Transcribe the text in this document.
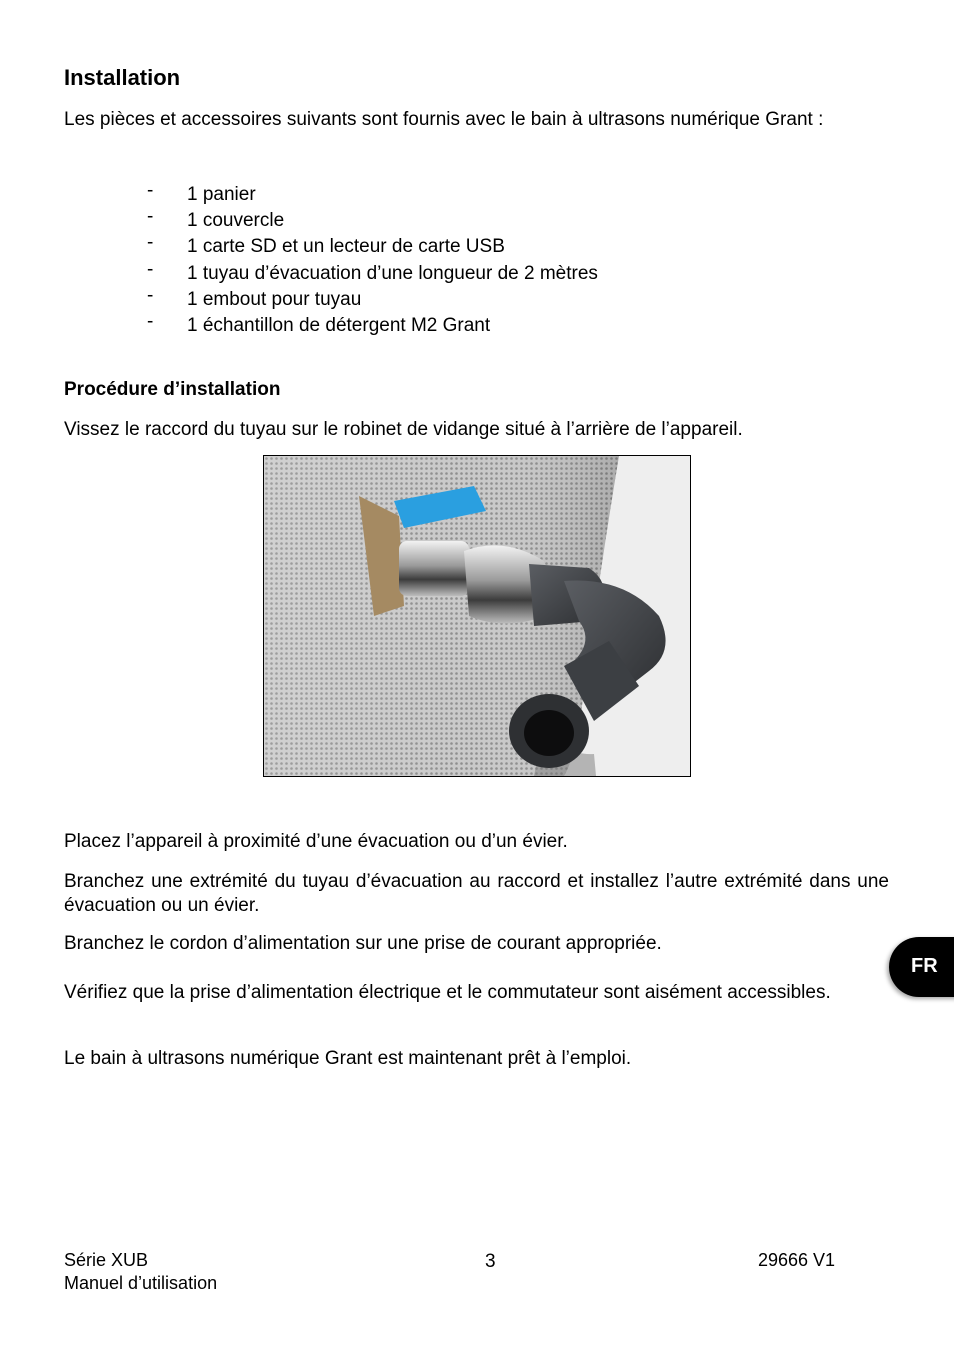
Installation
Les pièces et accessoires suivants sont fournis avec le bain à ultrasons numérique Grant :
- 1 panier
- 1 couvercle
- 1 carte SD et un lecteur de carte USB
- 1 tuyau d’évacuation d’une longueur de 2 mètres
- 1 embout pour tuyau
- 1 échantillon de détergent M2 Grant
Procédure d’installation
Vissez le raccord du tuyau sur le robinet de vidange situé à l’arrière de l’appareil.
Placez l’appareil à proximité d’une évacuation ou d’un évier.
Branchez une extrémité du tuyau d’évacuation au raccord et installez l’autre extrémité dans une évacuation ou un évier.
Branchez le cordon d’alimentation sur une prise de courant appropriée.
Vérifiez que la prise d’alimentation électrique et le commutateur sont aisément accessibles.
Le bain à ultrasons numérique Grant est maintenant prêt à l’emploi.
FR
Série XUB
Manuel d’utilisation
3	29666 V1
